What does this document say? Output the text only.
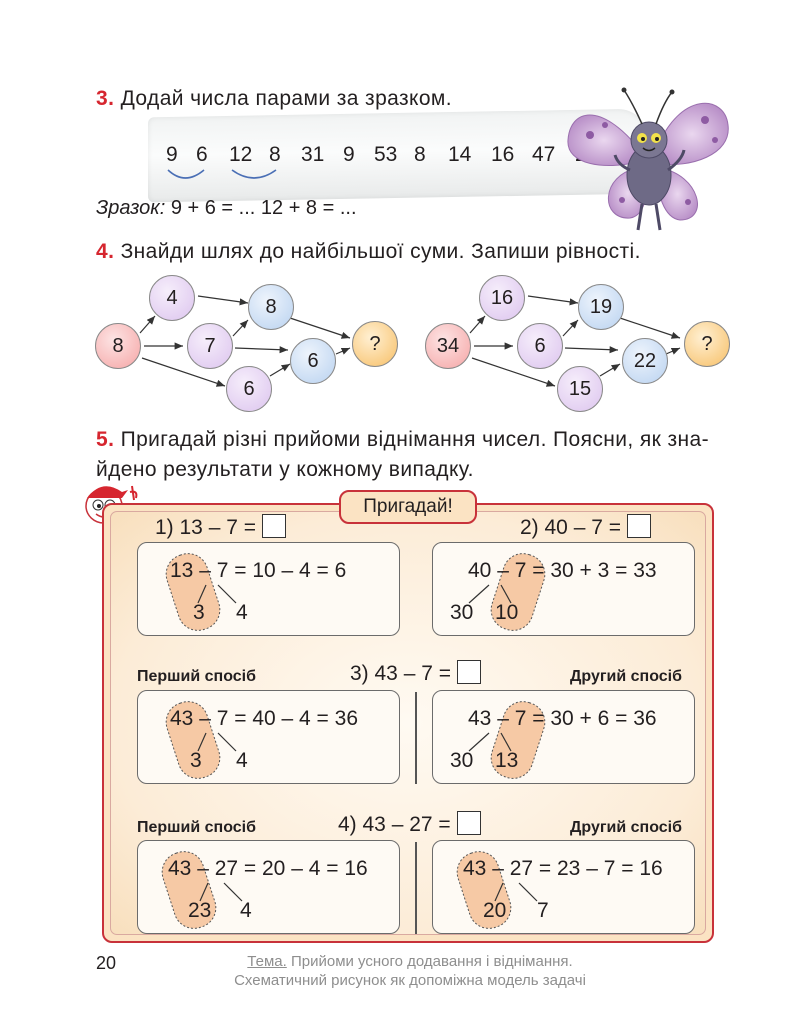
3. Додай числа парами за зразком.
9 6 12 8 31 9 53 8 14 16 47
Зразок: 9 + 6 = ... 12 + 8 = ...
4. Знайди шлях до найбільшої суми. Запиши рівності.
8
4
7
6
8
6
?	34
16
6
15
19
22
?
5. Пригадай різні прийоми віднімання чисел. Поясни, як зна-
йдено результати у кожному випадку.
Пригадай!
1) 13 – 7 =	2) 40 – 7 =
13 – 7 = 10 – 4 = 6
3 4
40 – 7 = 30 + 3 = 33
30 10
Перший спосіб	3) 43 – 7 =	Другий спосіб
43 – 7 = 40 – 4 = 36
3 4
43 – 7 = 30 + 6 = 36
30 13
Перший спосіб	4) 43 – 27 =	Другий спосіб
43 – 27 = 20 – 4 = 16
23 4
43 – 27 = 23 – 7 = 16
20 7
20	Тема. Прийоми усного додавання і віднімання.
Схематичний рисунок як допоміжна модель задачі
